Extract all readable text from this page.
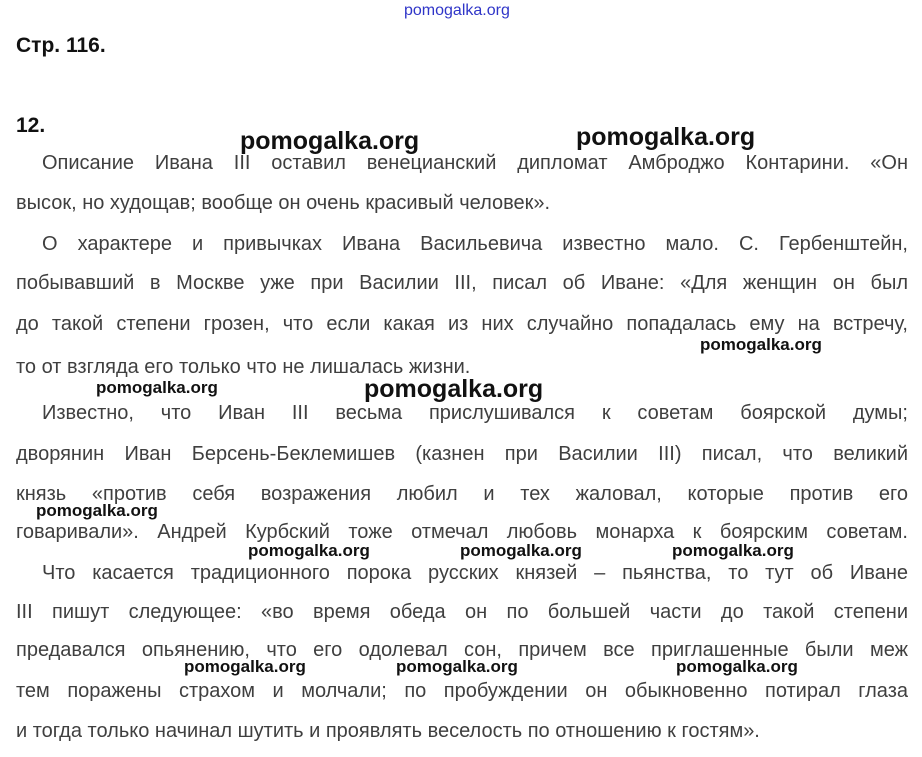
pomogalka.org
Стр. 116.
12.
Описание Ивана III оставил венецианский дипломат Амброджо Контарини. «Он
высок, но худощав; вообще он очень красивый человек».
О характере и привычках Ивана Васильевича известно мало. С. Гербенштейн,
побывавший в Москве уже при Василии III, писал об Иване: «Для женщин он был
до такой степени грозен, что если какая из них случайно попадалась ему на встречу,
то от взгляда его только что не лишалась жизни.
Известно, что Иван III весьма прислушивался к советам боярской думы;
дворянин Иван Берсень-Беклемишев (казнен при Василии III) писал, что великий
князь «против себя возражения любил и тех жаловал, которые против его
говаривали». Андрей Курбский тоже отмечал любовь монарха к боярским советам.
Что касается традиционного порока русских князей – пьянства, то тут об Иване
III пишут следующее: «во время обеда он по большей части до такой степени
предавался опьянению, что его одолевал сон, причем все приглашенные были меж
тем поражены страхом и молчали; по пробуждении он обыкновенно потирал глаза
и тогда только начинал шутить и проявлять веселость по отношению к гостям».
pomogalka.org	pomogalka.org
pomogalka.org
pomogalka.org	pomogalka.org
pomogalka.org
pomogalka.org	pomogalka.org	pomogalka.org
pomogalka.org	pomogalka.org	pomogalka.org
